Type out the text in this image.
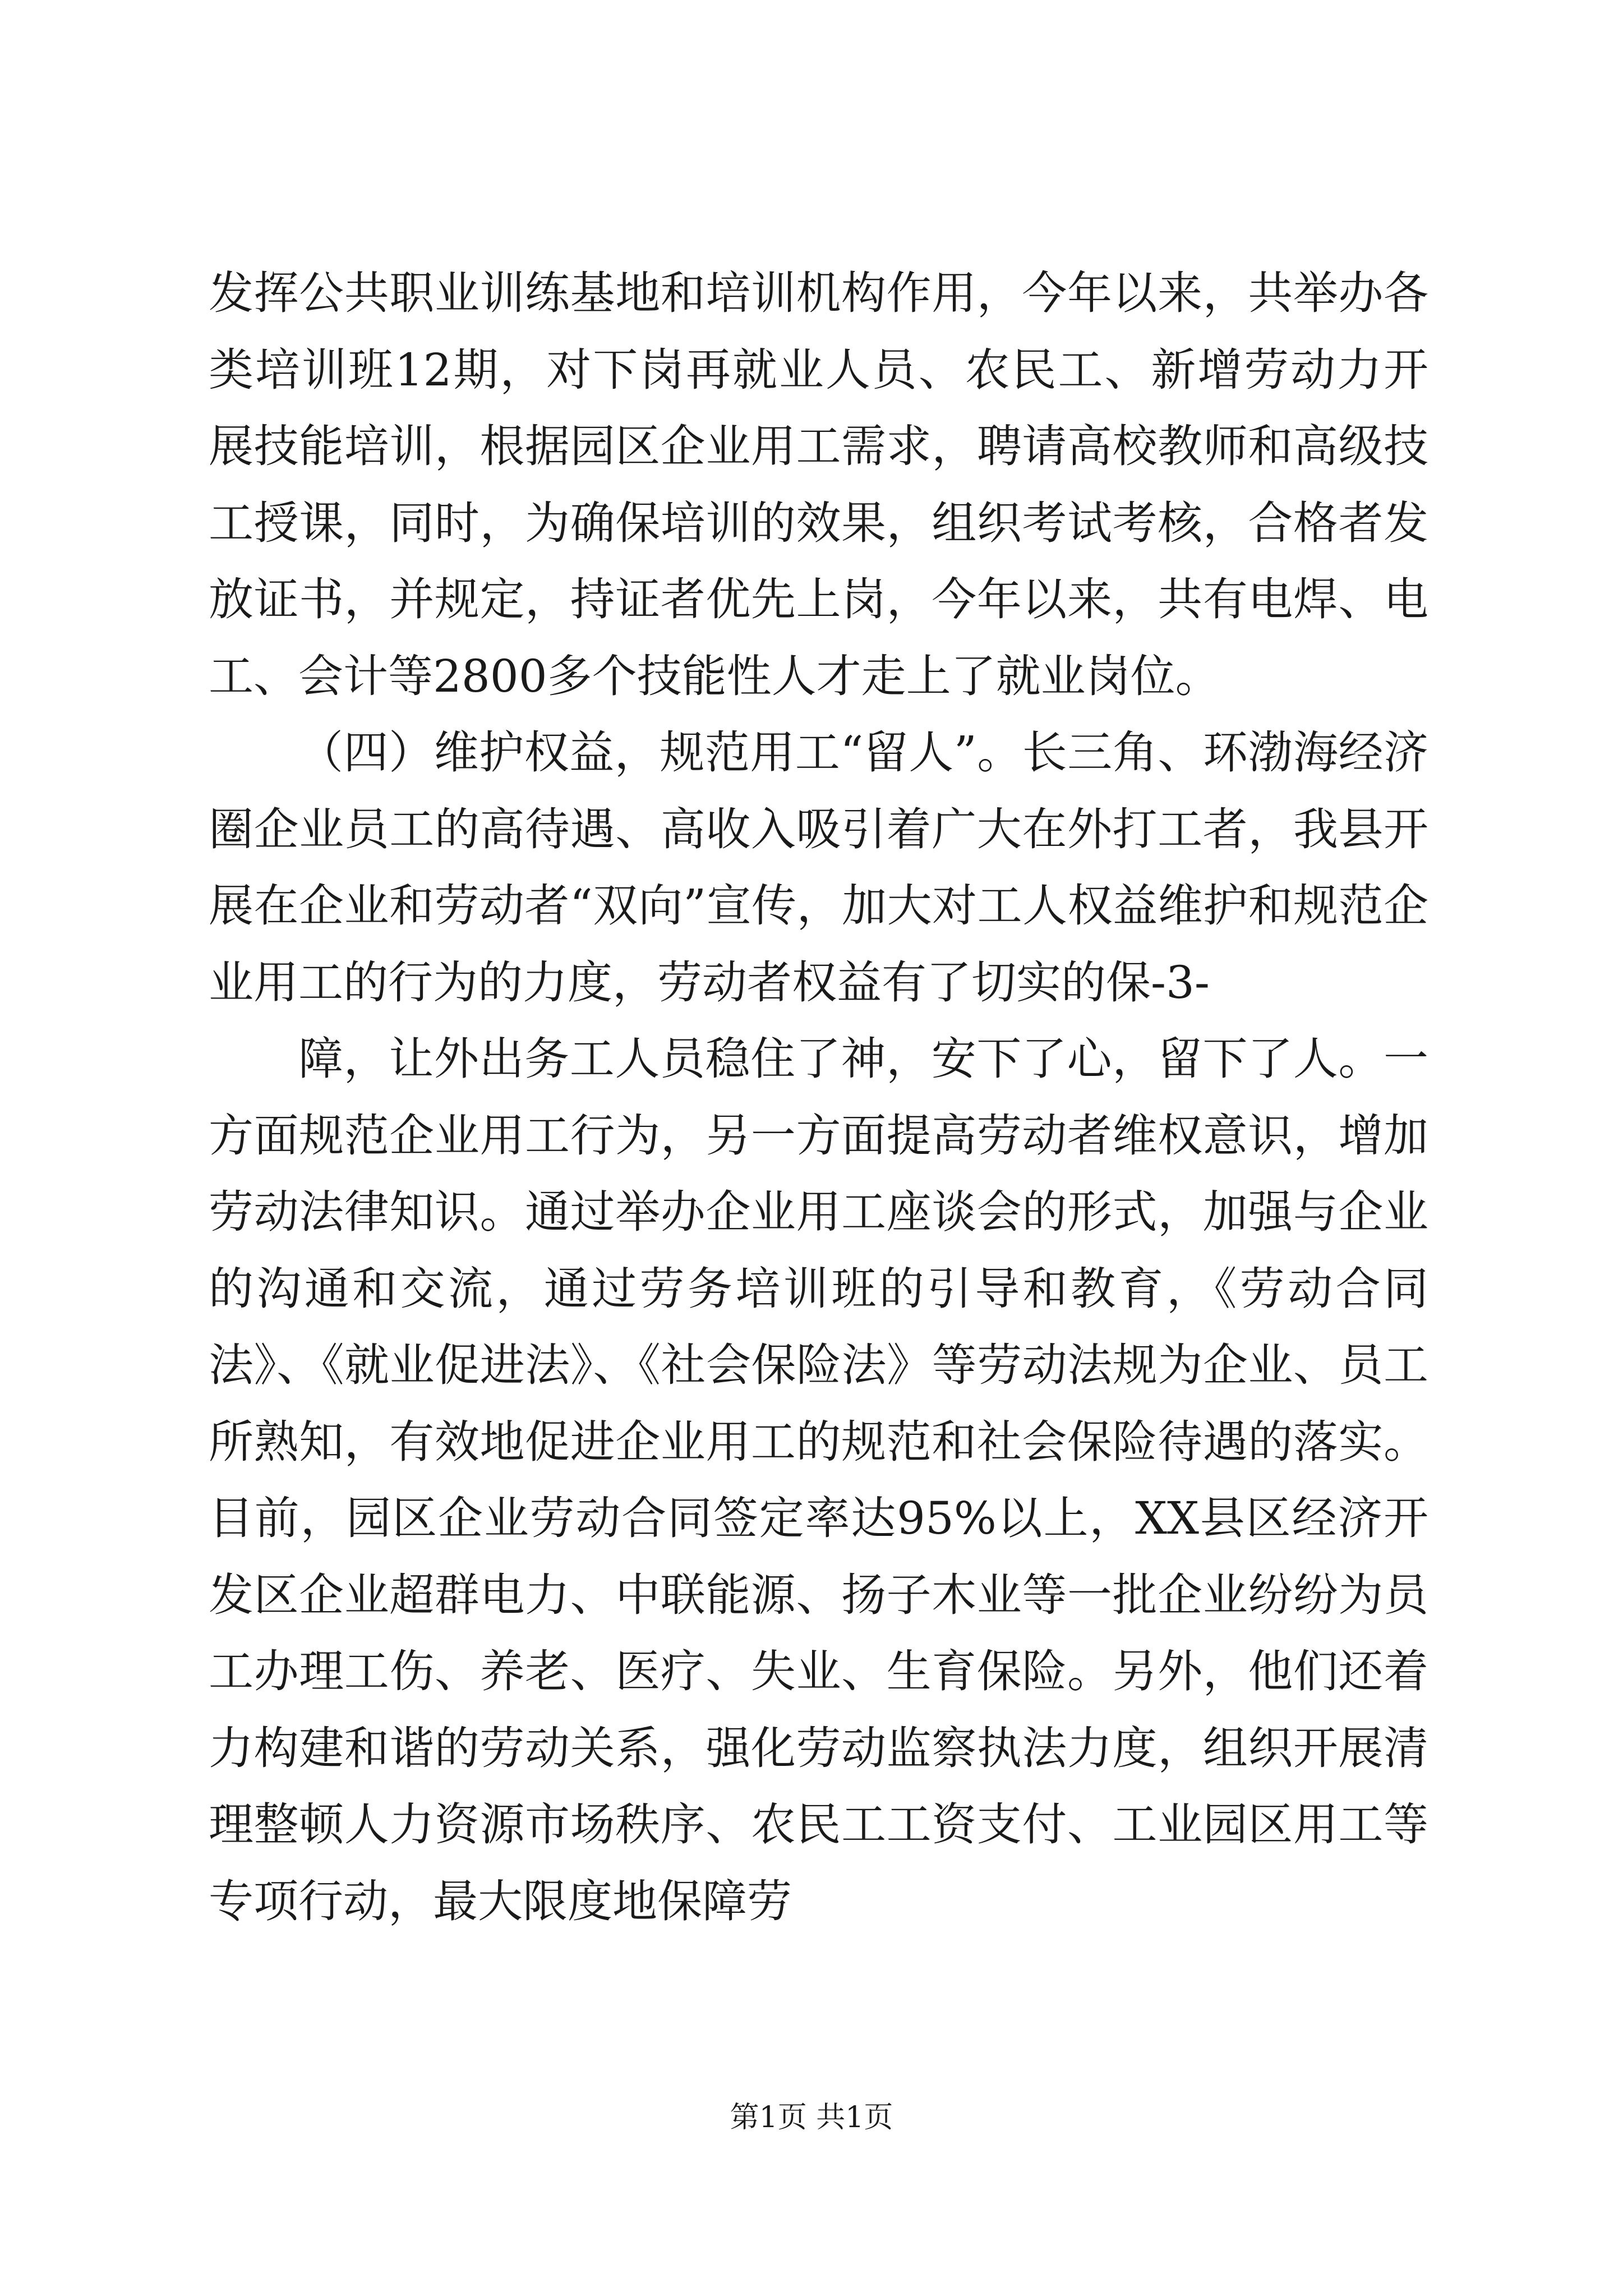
发挥公共职业训练基地和培训机构作用，今年以来，共举办各类培训班12期，对下岗再就业人员、农民工、新增劳动力开展技能培训，根据园区企业用工需求，聘请高校教师和高级技工授课，同时，为确保培训的效果，组织考试考核，合格者发放证书，并规定，持证者优先上岗，今年以来，共有电焊、电工、会计等2800多个技能性人才走上了就业岗位。

（四）维护权益，规范用工“留人”。长三角、环渤海经济圈企业员工的高待遇、高收入吸引着广大在外打工者，我县开展在企业和劳动者“双向”宣传，加大对工人权益维护和规范企业用工的行为的力度，劳动者权益有了切实的保-3-

障，让外出务工人员稳住了神，安下了心，留下了人。一方面规范企业用工行为，另一方面提高劳动者维权意识，增加劳动法律知识。通过举办企业用工座谈会的形式，加强与企业的沟通和交流，通过劳务培训班的引导和教育，《劳动合同法》、《就业促进法》、《社会保险法》等劳动法规为企业、员工所熟知，有效地促进企业用工的规范和社会保险待遇的落实。目前，园区企业劳动合同签定率达95%以上，XX县区经济开发区企业超群电力、中联能源、扬子木业等一批企业纷纷为员工办理工伤、养老、医疗、失业、生育保险。另外，他们还着力构建和谐的劳动关系，强化劳动监察执法力度，组织开展清理整顿人力资源市场秩序、农民工工资支付、工业园区用工等专项行动，最大限度地保障劳

第1页 共1页
